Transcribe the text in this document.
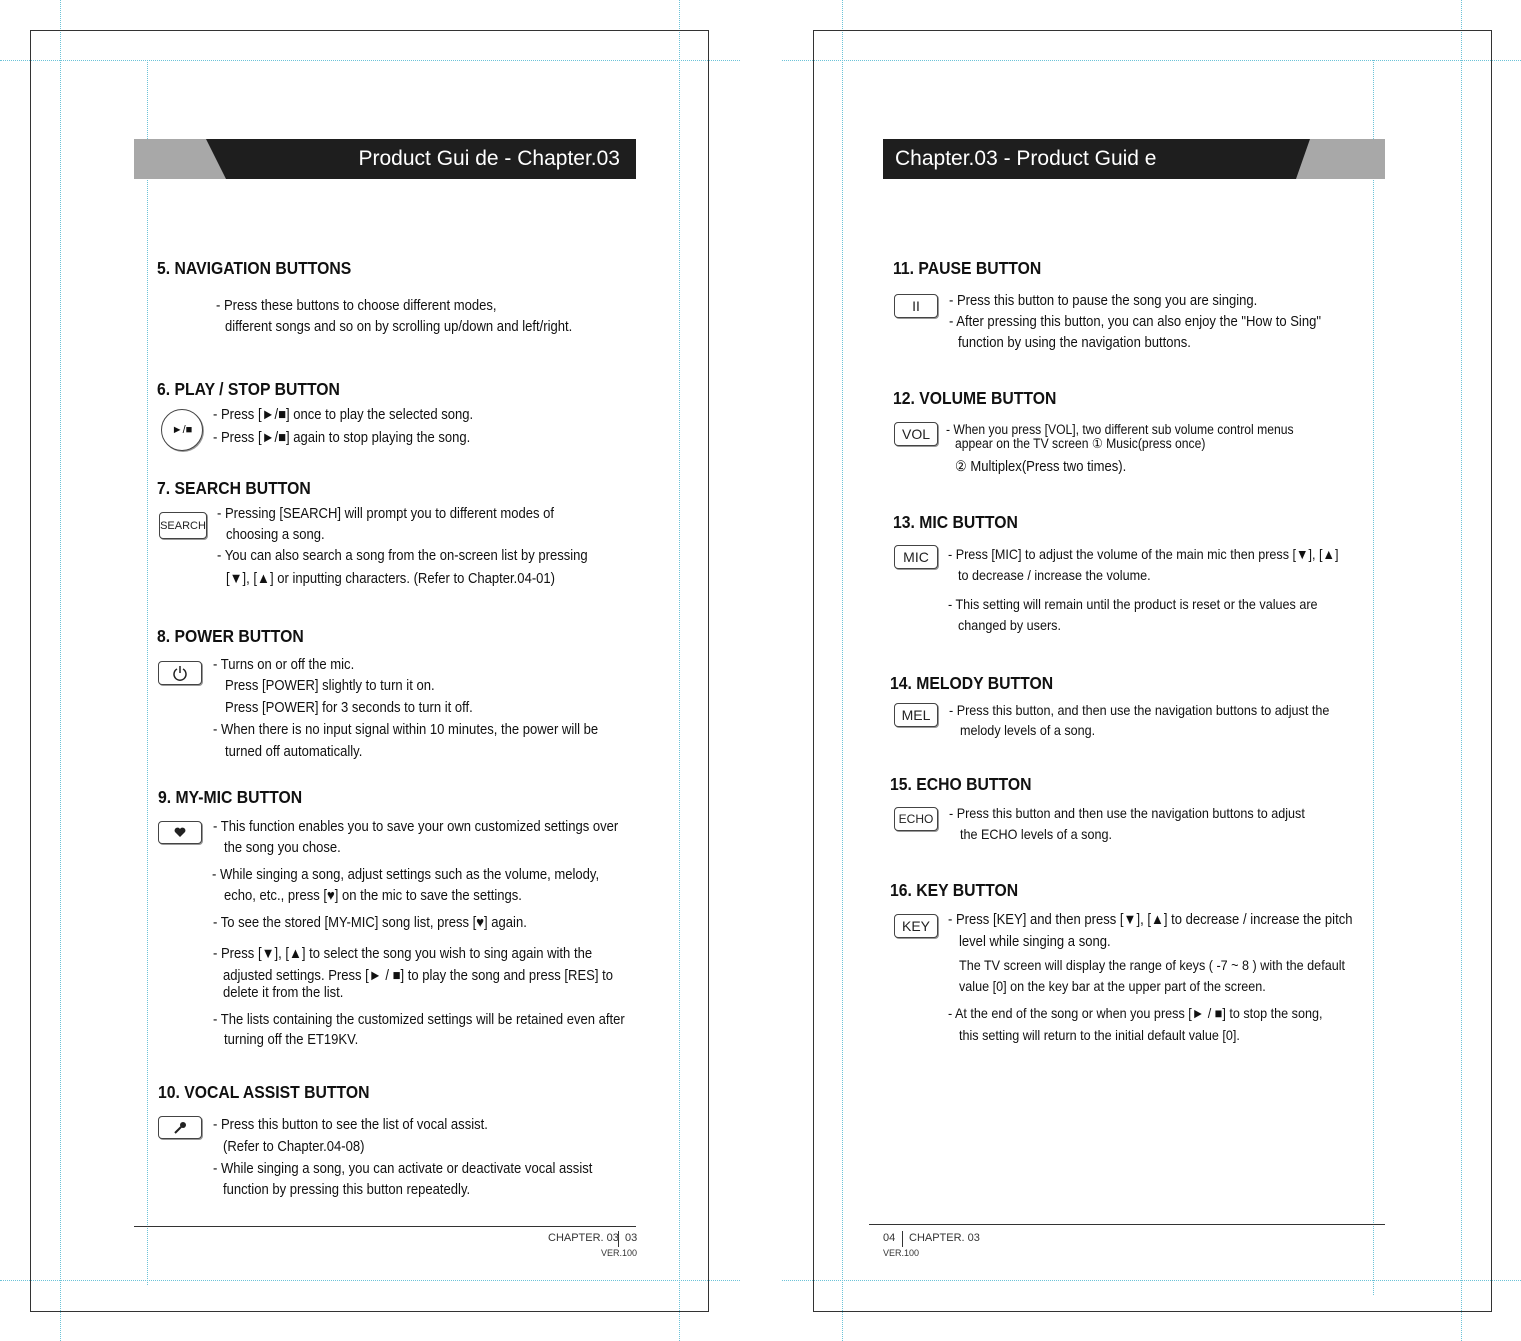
Product Gui de - Chapter.03
5. NAVIGATION BUTTONS
- Press these buttons to choose different modes,
different songs and so on by scrolling up/down and left/right.
6. PLAY / STOP BUTTON
►/■
- Press [►/■] once to play the selected song.
- Press [►/■] again to stop playing the song.
7. SEARCH BUTTON
SEARCH
- Pressing [SEARCH] will prompt you to different modes of
choosing a song.
- You can also search a song from the on-screen list by pressing
[▼], [▲] or inputting characters. (Refer to Chapter.04-01)
8. POWER BUTTON
- Turns on or off the mic.
Press [POWER] slightly to turn it on.
Press [POWER] for 3 seconds to turn it off.
- When there is no input signal within 10 minutes, the power will be
turned off automatically.
9. MY-MIC BUTTON
- This function enables you to save your own customized settings over
the song you chose.
- While singing a song, adjust settings such as the volume, melody,
echo, etc., press [♥] on the mic to save the settings.
- To see the stored [MY-MIC] song list, press [♥] again.
- Press [▼], [▲] to select the song you wish to sing again with the
adjusted settings. Press [► / ■] to play the song and press [RES] to
delete it from the list.
- The lists containing the customized settings will be retained even after
turning off the ET19KV.
10. VOCAL ASSIST BUTTON
- Press this button to see the list of vocal assist.
(Refer to Chapter.04-08)
- While singing a song, you can activate or deactivate vocal assist
function by pressing this button repeatedly.
CHAPTER. 03 03
VER.100
Chapter.03 - Product Guid e
11. PAUSE BUTTON
II - Press this button to pause the song you are singing.
- After pressing this button, you can also enjoy the "How to Sing"
function by using the navigation buttons.
12. VOLUME BUTTON
VOL - When you press [VOL], two different sub volume control menus
appear on the TV screen ① Music(press once)
② Multiplex(Press two times).
13. MIC BUTTON
MIC - Press [MIC] to adjust the volume of the main mic then press [▼], [▲]
to decrease / increase the volume.
- This setting will remain until the product is reset or the values are
changed by users.
14. MELODY BUTTON
MEL - Press this button, and then use the navigation buttons to adjust the
melody levels of a song.
15. ECHO BUTTON
ECHO - Press this button and then use the navigation buttons to adjust
the ECHO levels of a song.
16. KEY BUTTON
KEY - Press [KEY] and then press [▼], [▲] to decrease / increase the pitch
level while singing a song.
The TV screen will display the range of keys ( -7 ~ 8 ) with the default
value [0] on the key bar at the upper part of the screen.
- At the end of the song or when you press [► / ■] to stop the song,
this setting will return to the initial default value [0].
04 CHAPTER. 03
VER.100
